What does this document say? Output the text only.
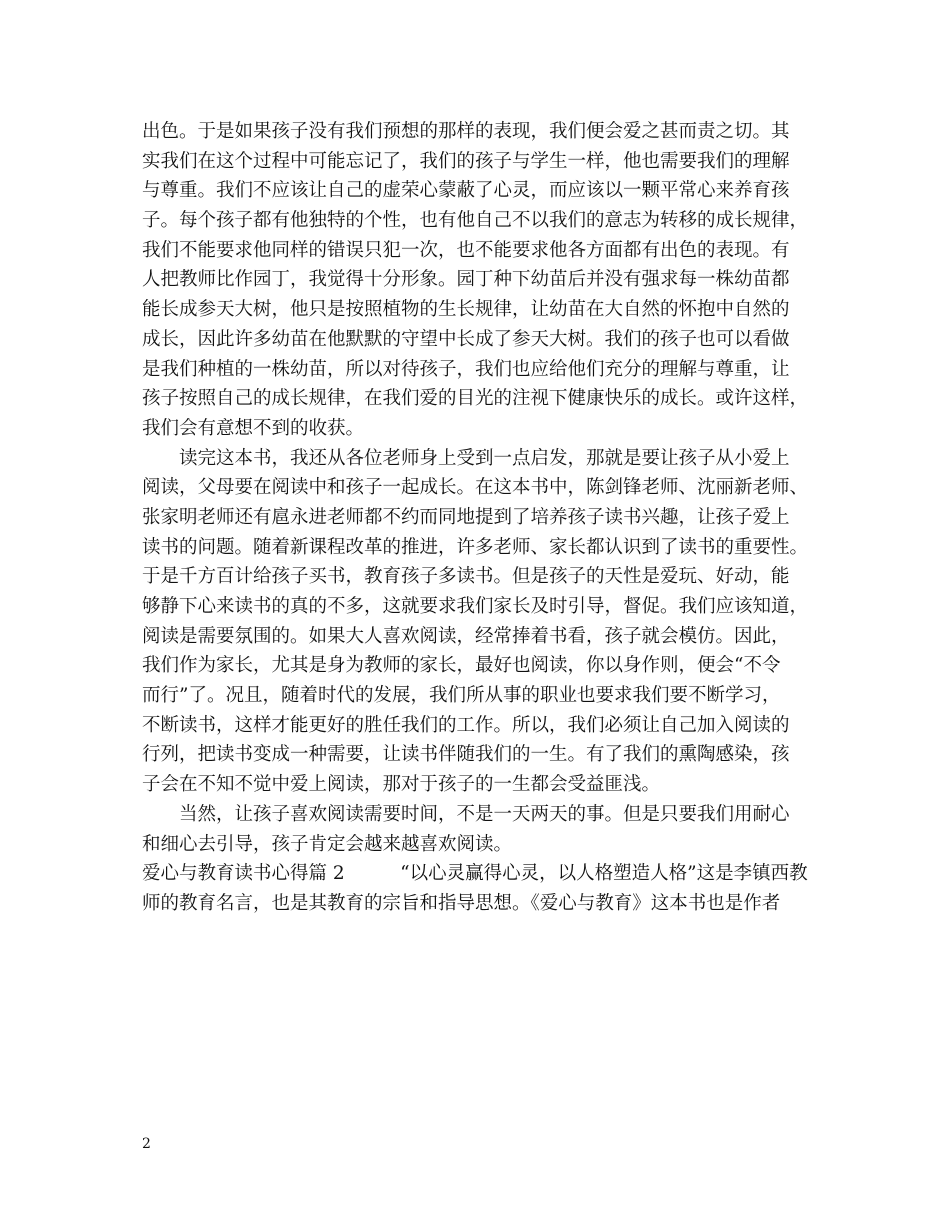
出色。于是如果孩子没有我们预想的那样的表现，我们便会爱之甚而责之切。其
实我们在这个过程中可能忘记了，我们的孩子与学生一样，他也需要我们的理解
与尊重。我们不应该让自己的虚荣心蒙蔽了心灵，而应该以一颗平常心来养育孩
子。每个孩子都有他独特的个性，也有他自己不以我们的意志为转移的成长规律，
我们不能要求他同样的错误只犯一次，也不能要求他各方面都有出色的表现。有
人把教师比作园丁，我觉得十分形象。园丁种下幼苗后并没有强求每一株幼苗都
能长成参天大树，他只是按照植物的生长规律，让幼苗在大自然的怀抱中自然的
成长，因此许多幼苗在他默默的守望中长成了参天大树。我们的孩子也可以看做
是我们种植的一株幼苗，所以对待孩子，我们也应给他们充分的理解与尊重，让
孩子按照自己的成长规律，在我们爱的目光的注视下健康快乐的成长。或许这样，
我们会有意想不到的收获。
　　读完这本书，我还从各位老师身上受到一点启发，那就是要让孩子从小爱上
阅读，父母要在阅读中和孩子一起成长。在这本书中，陈剑锋老师、沈丽新老师、
张家明老师还有扈永进老师都不约而同地提到了培养孩子读书兴趣，让孩子爱上
读书的问题。随着新课程改革的推进，许多老师、家长都认识到了读书的重要性。
于是千方百计给孩子买书，教育孩子多读书。但是孩子的天性是爱玩、好动，能
够静下心来读书的真的不多，这就要求我们家长及时引导，督促。我们应该知道，
阅读是需要氛围的。如果大人喜欢阅读，经常捧着书看，孩子就会模仿。因此，
我们作为家长，尤其是身为教师的家长，最好也阅读，你以身作则，便会“不令
而行”了。况且，随着时代的发展，我们所从事的职业也要求我们要不断学习，
不断读书，这样才能更好的胜任我们的工作。所以，我们必须让自己加入阅读的
行列，把读书变成一种需要，让读书伴随我们的一生。有了我们的熏陶感染，孩
子会在不知不觉中爱上阅读，那对于孩子的一生都会受益匪浅。
　　当然，让孩子喜欢阅读需要时间，不是一天两天的事。但是只要我们用耐心
和细心去引导，孩子肯定会越来越喜欢阅读。
爱心与教育读书心得篇 2　　　“以心灵赢得心灵，以人格塑造人格”这是李镇西教
师的教育名言，也是其教育的宗旨和指导思想。《爱心与教育》这本书也是作者
2
